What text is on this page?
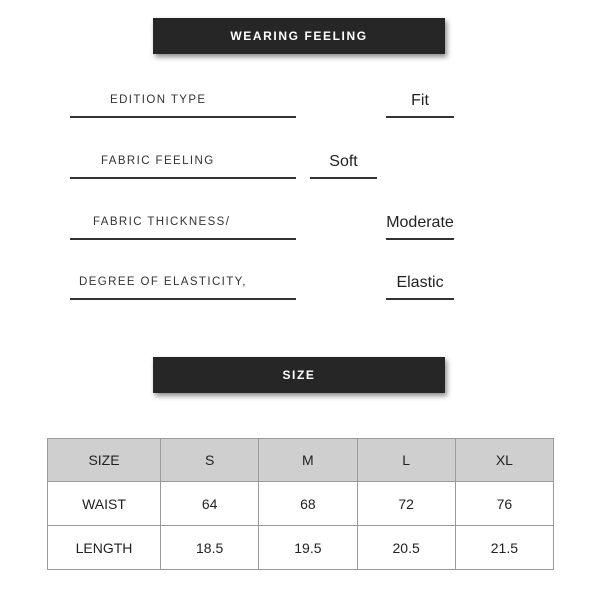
WEARING FEELING
EDITION TYPE	Fit
FABRIC FEELING	Soft
FABRIC THICKNESS/	Moderate
DEGREE OF ELASTICITY,	Elastic
SIZE
SIZE	S	M	L	XL
WAIST	64	68	72	76
LENGTH	18.5	19.5	20.5	21.5
